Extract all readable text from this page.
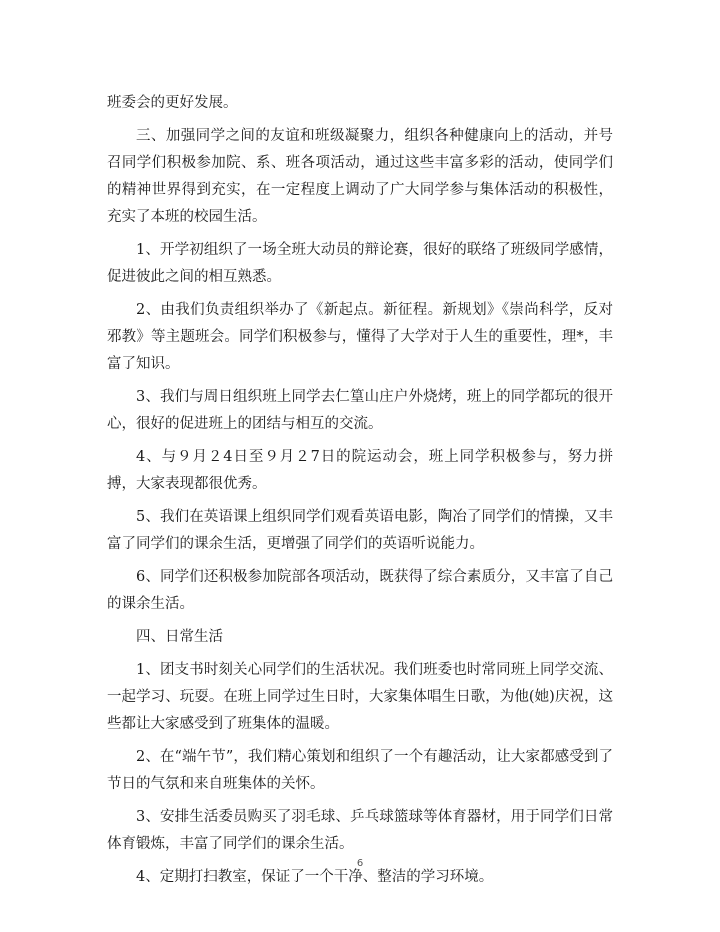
班委会的更好发展。

三、加强同学之间的友谊和班级凝聚力，组织各种健康向上的活动，并号召同学们积极参加院、系、班各项活动，通过这些丰富多彩的活动，使同学们的精神世界得到充实，在一定程度上调动了广大同学参与集体活动的积极性，充实了本班的校园生活。

1、开学初组织了一场全班大动员的辩论赛，很好的联络了班级同学感情，促进彼此之间的相互熟悉。

2、由我们负责组织举办了《新起点。新征程。新规划》《崇尚科学，反对邪教》等主题班会。同学们积极参与，懂得了大学对于人生的重要性，理*，丰富了知识。

3、我们与周日组织班上同学去仁篁山庄户外烧烤，班上的同学都玩的很开心，很好的促进班上的团结与相互的交流。

4、与９月２4日至９月２7日的院运动会，班上同学积极参与，努力拼搏，大家表现都很优秀。

5、我们在英语课上组织同学们观看英语电影，陶冶了同学们的情操，又丰富了同学们的课余生活，更增强了同学们的英语听说能力。

6、同学们还积极参加院部各项活动，既获得了综合素质分，又丰富了自己的课余生活。

四、日常生活

1、团支书时刻关心同学们的生活状况。我们班委也时常同班上同学交流、一起学习、玩耍。在班上同学过生日时，大家集体唱生日歌，为他(她)庆祝，这些都让大家感受到了班集体的温暖。

2、在“端午节”，我们精心策划和组织了一个有趣活动，让大家都感受到了节日的气氛和来自班集体的关怀。

3、安排生活委员购买了羽毛球、乒乓球篮球等体育器材，用于同学们日常体育锻炼，丰富了同学们的课余生活。

4、定期打扫教室，保证了一个干净、整洁的学习环境。

6
